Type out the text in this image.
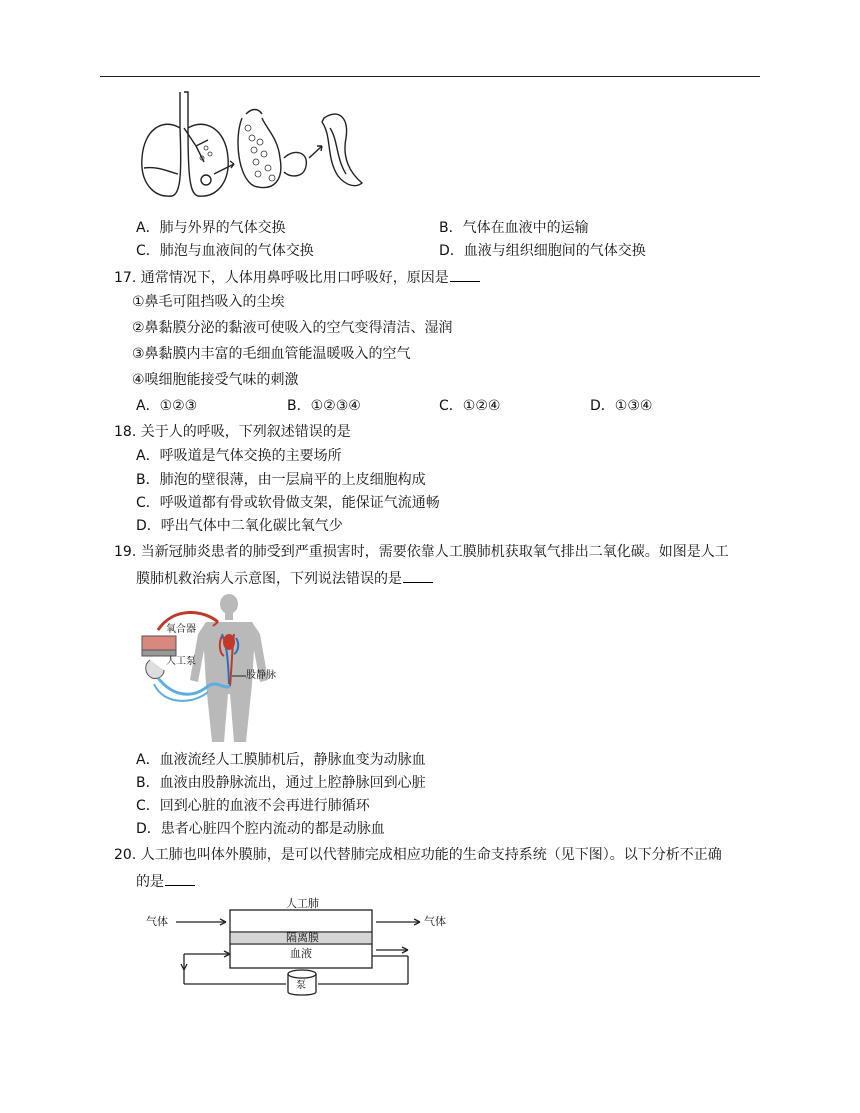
A．肺与外界的气体交换	B．气体在血液中的运输
C．肺泡与血液间的气体交换	D．血液与组织细胞间的气体交换
17. 通常情况下，人体用鼻呼吸比用口呼吸好，原因是
①鼻毛可阻挡吸入的尘埃
②鼻黏膜分泌的黏液可使吸入的空气变得清洁、湿润
③鼻黏膜内丰富的毛细血管能温暖吸入的空气
④嗅细胞能接受气味的刺激
A．①②③	B．①②③④	C．①②④	D．①③④
18. 关于人的呼吸，下列叙述错误的是
A．呼吸道是气体交换的主要场所
B．肺泡的壁很薄，由一层扁平的上皮细胞构成
C．呼吸道都有骨或软骨做支架，能保证气流通畅
D．呼出气体中二氧化碳比氧气少
19. 当新冠肺炎患者的肺受到严重损害时，需要依靠人工膜肺机获取氧气排出二氧化碳。如图是人工
膜肺机救治病人示意图，下列说法错误的是
氧合器
人工泵
股静脉
A．血液流经人工膜肺机后，静脉血变为动脉血
B．血液由股静脉流出，通过上腔静脉回到心脏
C．回到心脏的血液不会再进行肺循环
D．患者心脏四个腔内流动的都是动脉血
20. 人工肺也叫体外膜肺，是可以代替肺完成相应功能的生命支持系统（见下图）。以下分析不正确
的是
人工肺
气体	气体
隔离膜
血液
泵
